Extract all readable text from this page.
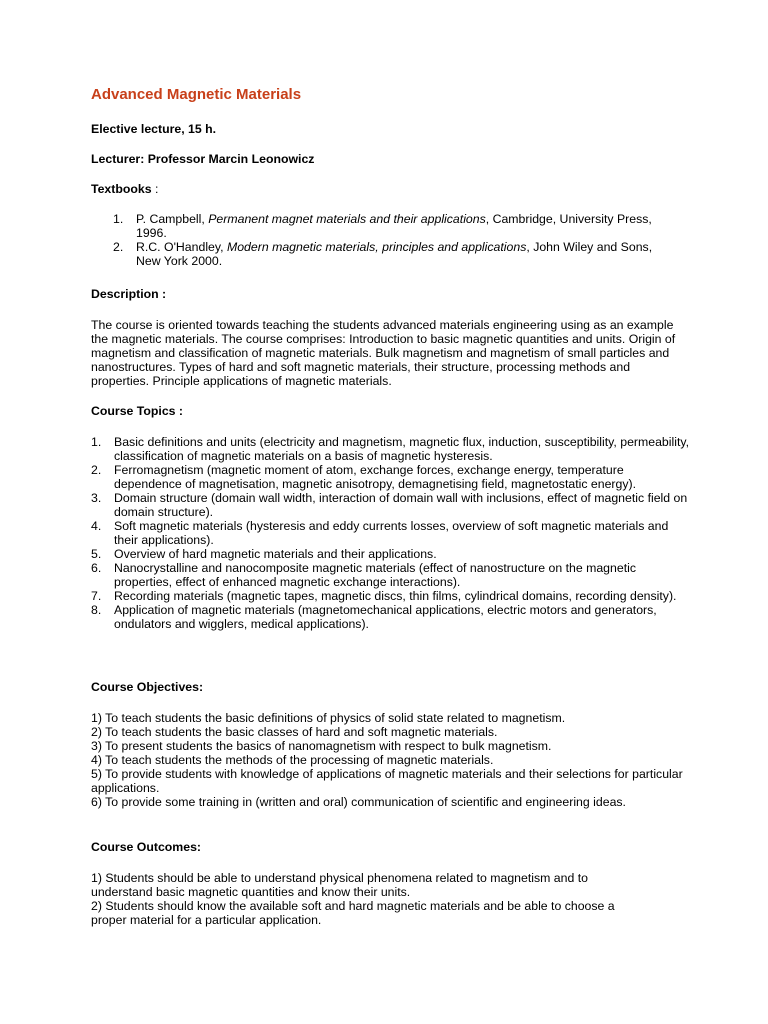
Advanced Magnetic Materials
Elective lecture, 15 h.
Lecturer: Professor Marcin Leonowicz
Textbooks :
1. P. Campbell, Permanent magnet materials and their applications, Cambridge, University Press, 1996.
2. R.C. O'Handley, Modern magnetic materials, principles and applications, John Wiley and Sons, New York 2000.
Description :
The course is oriented towards teaching the students advanced materials engineering using as an example the magnetic materials. The course comprises: Introduction to basic magnetic quantities and units. Origin of magnetism and classification of magnetic materials. Bulk magnetism and magnetism of small particles and nanostructures. Types of hard and soft magnetic materials, their structure, processing methods and properties. Principle applications of magnetic materials.
Course Topics :
1. Basic definitions and units (electricity and magnetism, magnetic flux, induction, susceptibility, permeability, classification of magnetic materials on a basis of magnetic hysteresis.
2. Ferromagnetism (magnetic moment of atom, exchange forces, exchange energy, temperature dependence of magnetisation, magnetic anisotropy, demagnetising field, magnetostatic energy).
3. Domain structure (domain wall width, interaction of domain wall with inclusions, effect of magnetic field on domain structure).
4. Soft magnetic materials (hysteresis and eddy currents losses, overview of soft magnetic materials and their applications).
5. Overview of hard magnetic materials and their applications.
6. Nanocrystalline and nanocomposite magnetic materials (effect of nanostructure on the magnetic properties, effect of enhanced magnetic exchange interactions).
7. Recording materials (magnetic tapes, magnetic discs, thin films, cylindrical domains, recording density).
8. Application of magnetic materials (magnetomechanical applications, electric motors and generators, ondulators and wigglers, medical applications).
Course Objectives:
1) To teach students the basic definitions of physics of solid state related to magnetism.
2) To teach students the basic classes of hard and soft magnetic materials.
3) To present students the basics of nanomagnetism with respect to bulk magnetism.
4) To teach students the methods of the processing of magnetic materials.
5) To provide students with knowledge of applications of magnetic materials and their selections for particular applications.
6) To provide some training in (written and oral) communication of scientific and engineering ideas.
Course Outcomes:
1) Students should be able to understand physical phenomena related to magnetism and to understand basic magnetic quantities and know their units.
2) Students should know the available soft and hard magnetic materials and be able to choose a proper material for a particular application.
